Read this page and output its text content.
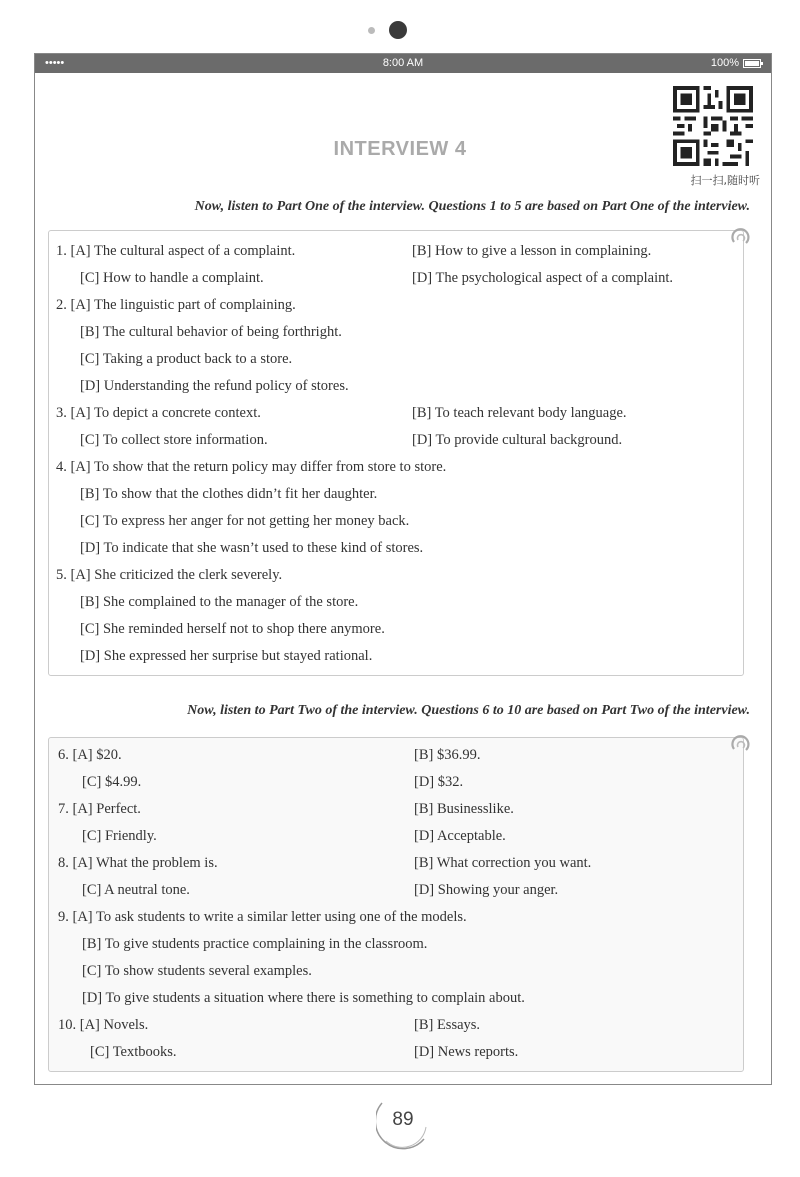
•••••	8:00 AM	100%
INTERVIEW 4
扫一扫,随时听
Now, listen to Part One of the interview. Questions 1 to 5 are based on Part One of the interview.
1. [A] The cultural aspect of a complaint.	[B] How to give a lesson in complaining.
[C] How to handle a complaint.	[D] The psychological aspect of a complaint.
2. [A] The linguistic part of complaining.
[B] The cultural behavior of being forthright.
[C] Taking a product back to a store.
[D] Understanding the refund policy of stores.
3. [A] To depict a concrete context.	[B] To teach relevant body language.
[C] To collect store information.	[D] To provide cultural background.
4. [A] To show that the return policy may differ from store to store.
[B] To show that the clothes didn’t fit her daughter.
[C] To express her anger for not getting her money back.
[D] To indicate that she wasn’t used to these kind of stores.
5. [A] She criticized the clerk severely.
[B] She complained to the manager of the store.
[C] She reminded herself not to shop there anymore.
[D] She expressed her surprise but stayed rational.
Now, listen to Part Two of the interview. Questions 6 to 10 are based on Part Two of the interview.
6. [A] $20.	[B] $36.99.
[C] $4.99.	[D] $32.
7. [A] Perfect.	[B] Businesslike.
[C] Friendly.	[D] Acceptable.
8. [A] What the problem is.	[B] What correction you want.
[C] A neutral tone.	[D] Showing your anger.
9. [A] To ask students to write a similar letter using one of the models.
[B] To give students practice complaining in the classroom.
[C] To show students several examples.
[D] To give students a situation where there is something to complain about.
10. [A] Novels.	[B] Essays.
[C] Textbooks.	[D] News reports.
89
